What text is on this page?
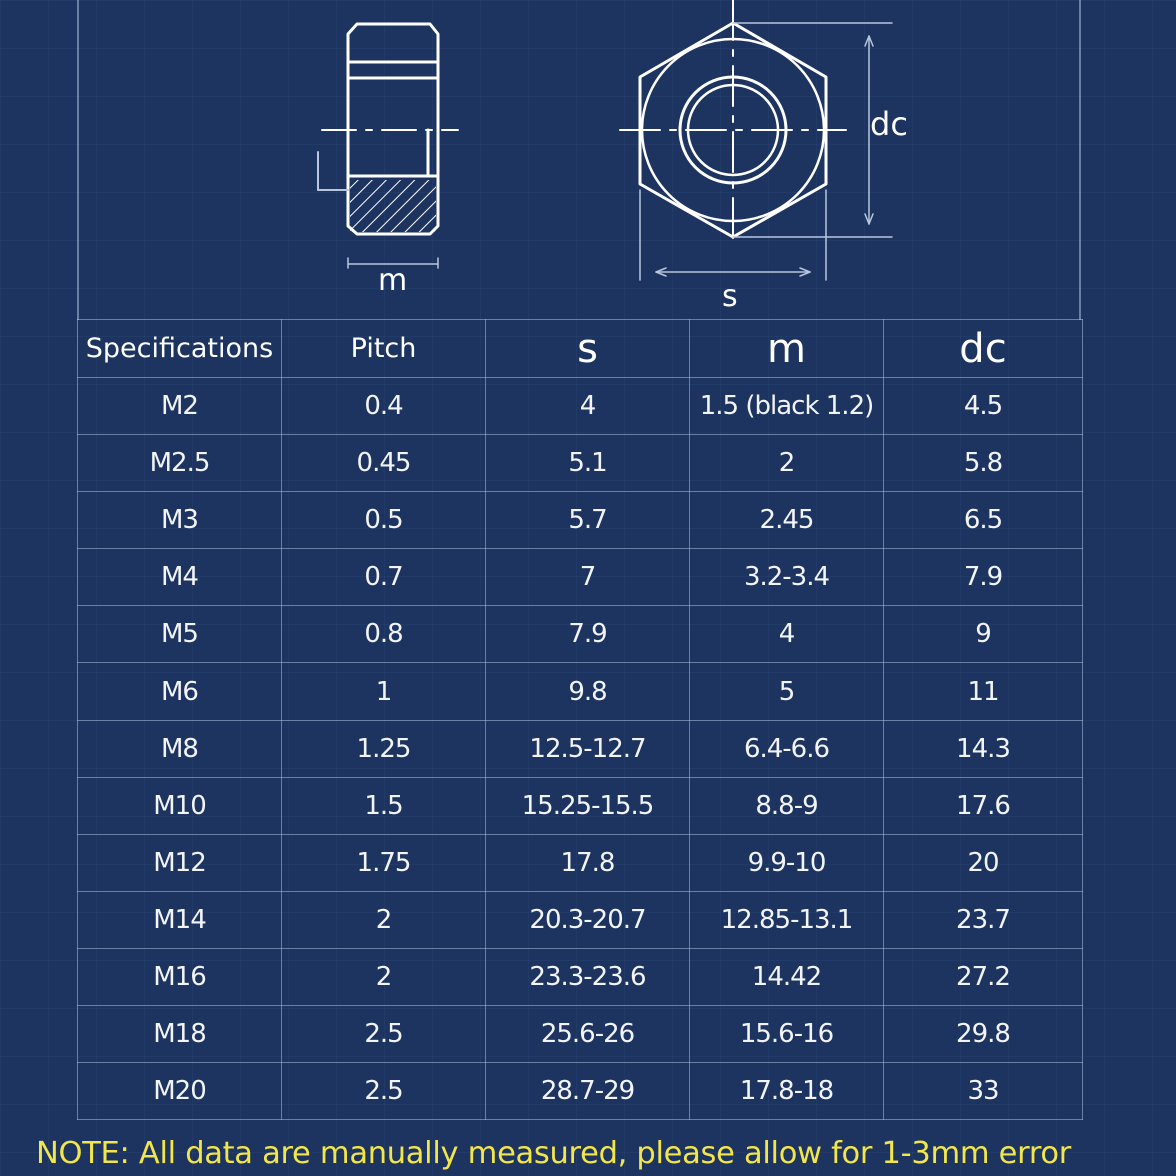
m	s
dc
Specifications	Pitch	s	m	dc
M2	0.4	4	1.5 (black 1.2)	4.5
M2.5	0.45	5.1	2	5.8
M3	0.5	5.7	2.45	6.5
M4	0.7	7	3.2-3.4	7.9
M5	0.8	7.9	4	9
M6	1	9.8	5	11
M8	1.25	12.5-12.7	6.4-6.6	14.3
M10	1.5	15.25-15.5	8.8-9	17.6
M12	1.75	17.8	9.9-10	20
M14	2	20.3-20.7	12.85-13.1	23.7
M16	2	23.3-23.6	14.42	27.2
M18	2.5	25.6-26	15.6-16	29.8
M20	2.5	28.7-29	17.8-18	33
NOTE: All data are manually measured, please allow for 1-3mm error
